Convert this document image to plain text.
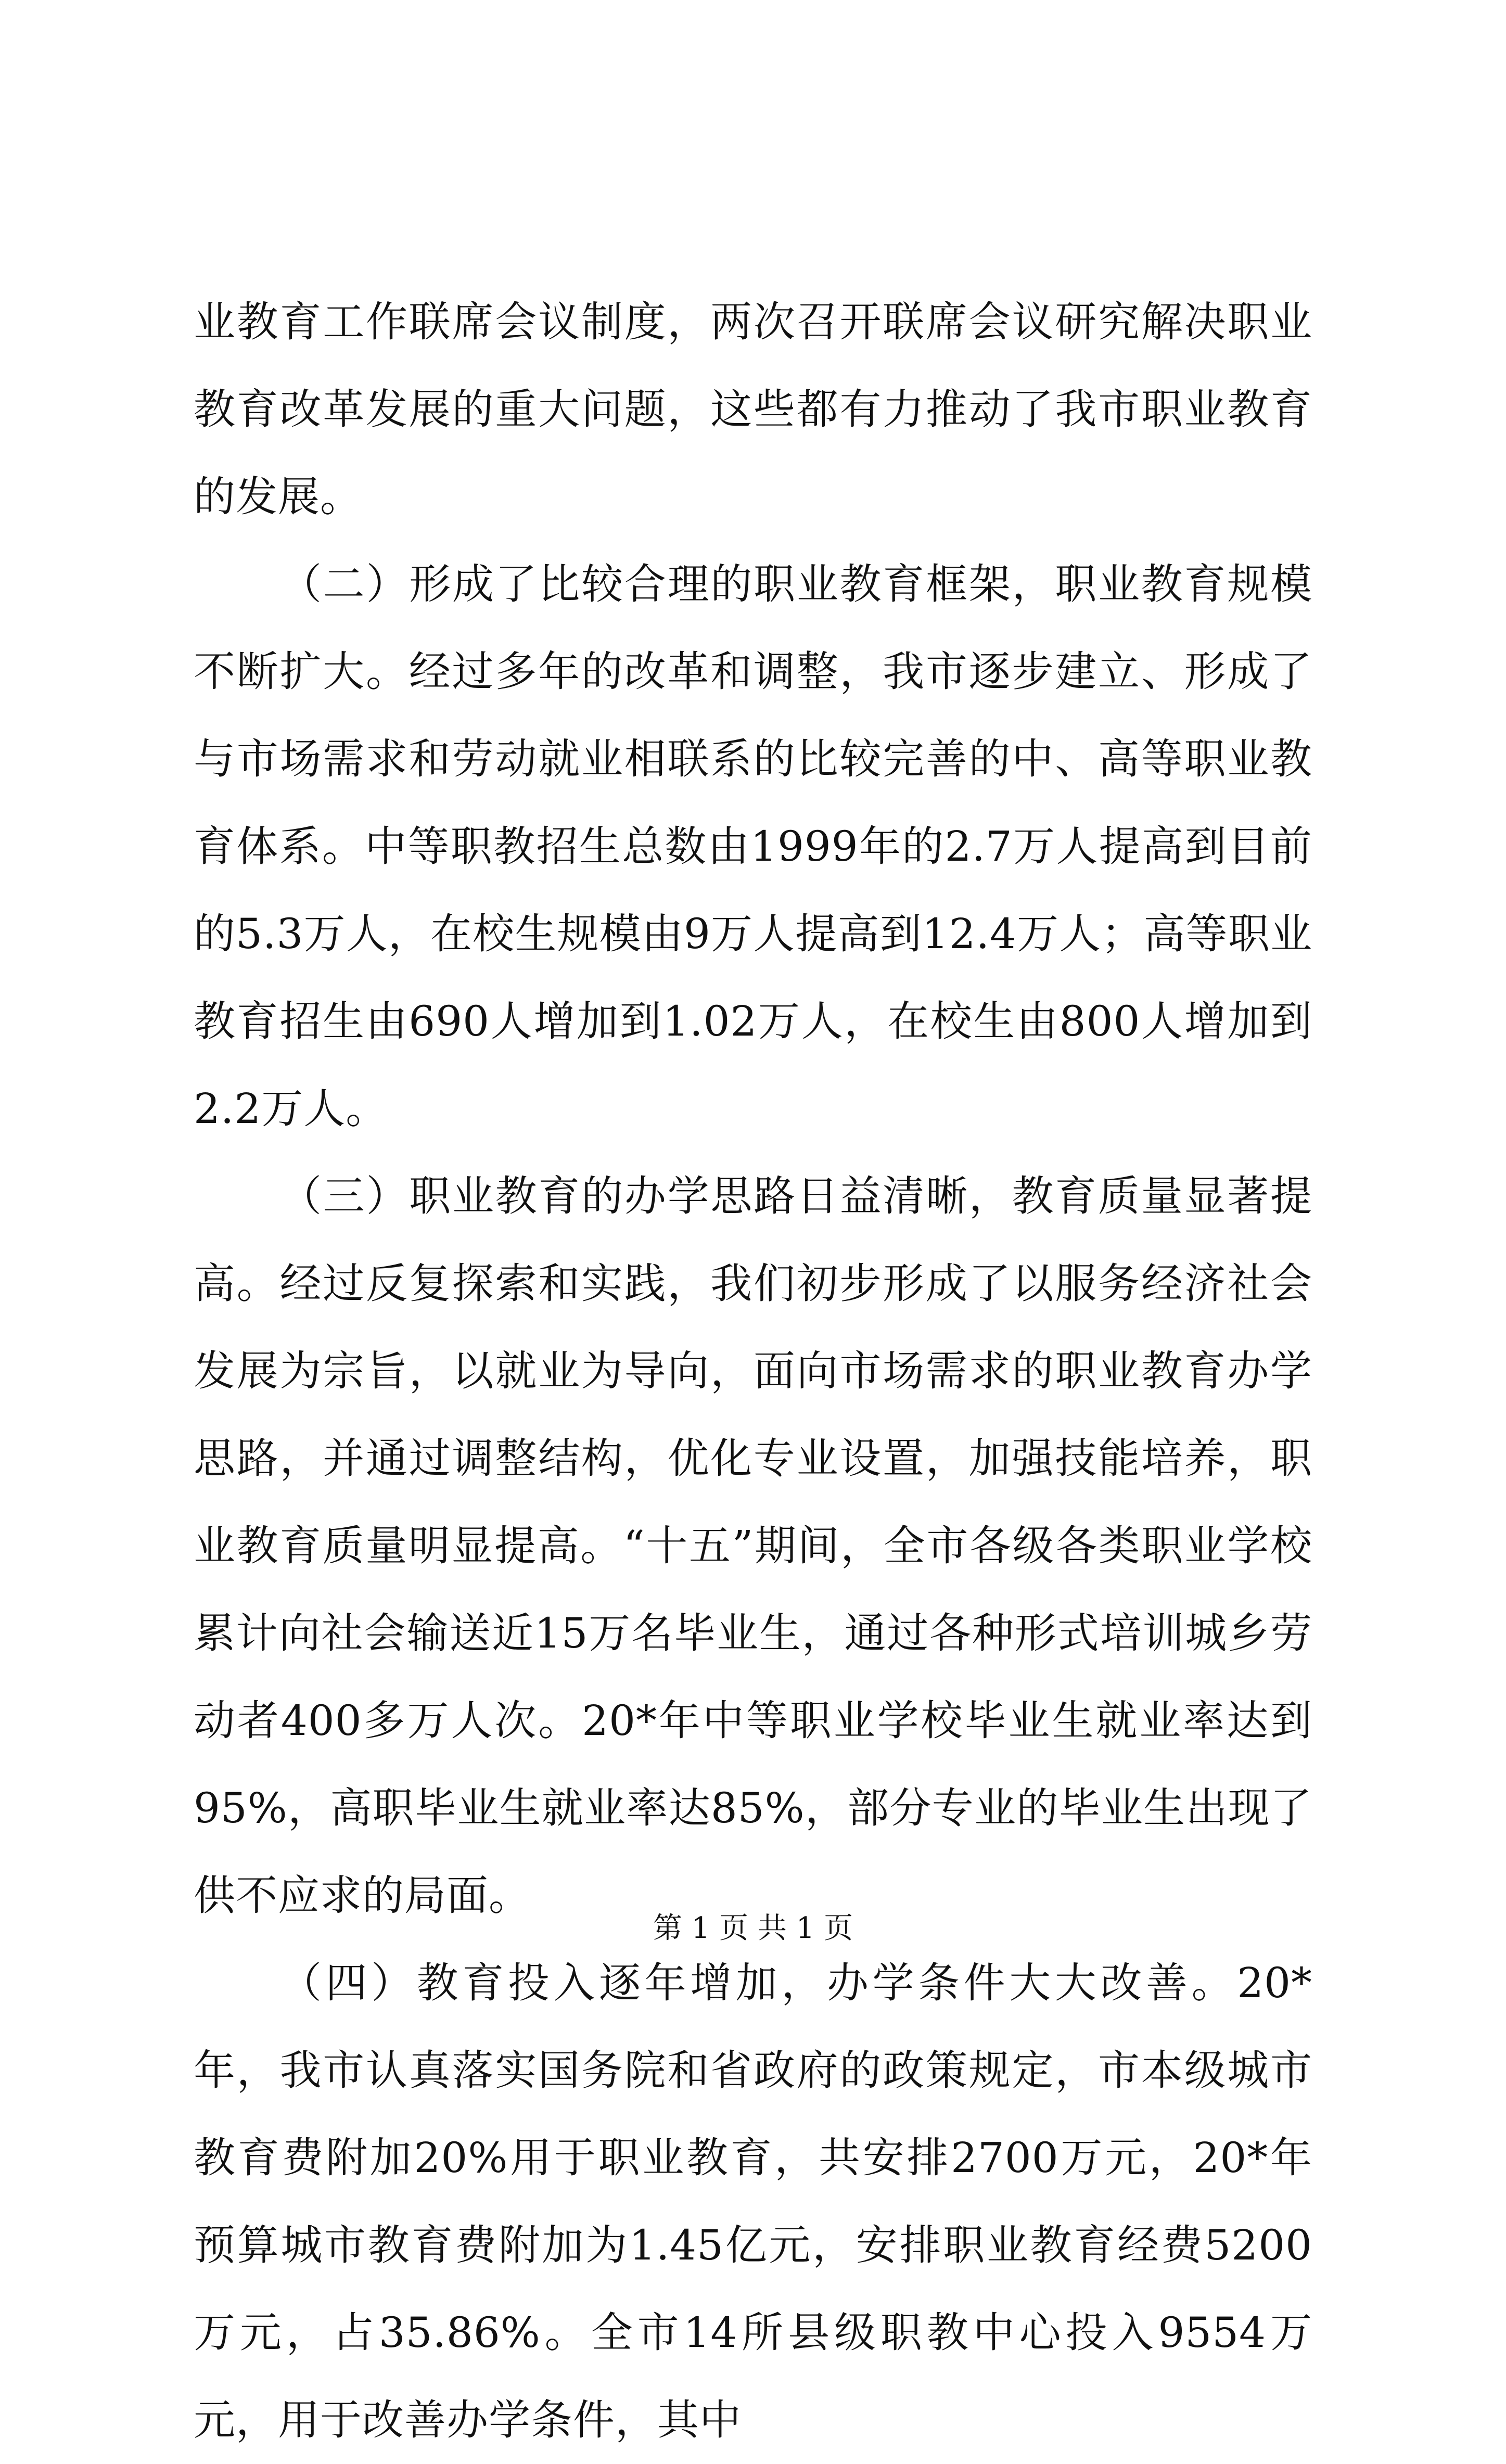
业教育工作联席会议制度，两次召开联席会议研究解决职业教育改革发展的重大问题，这些都有力推动了我市职业教育的发展。

（二）形成了比较合理的职业教育框架，职业教育规模不断扩大。经过多年的改革和调整，我市逐步建立、形成了与市场需求和劳动就业相联系的比较完善的中、高等职业教育体系。中等职教招生总数由1999年的2.7万人提高到目前的5.3万人，在校生规模由9万人提高到12.4万人；高等职业教育招生由690人增加到1.02万人，在校生由800人增加到2.2万人。

（三）职业教育的办学思路日益清晰，教育质量显著提高。经过反复探索和实践，我们初步形成了以服务经济社会发展为宗旨，以就业为导向，面向市场需求的职业教育办学思路，并通过调整结构，优化专业设置，加强技能培养，职业教育质量明显提高。“十五”期间，全市各级各类职业学校累计向社会输送近15万名毕业生，通过各种形式培训城乡劳动者400多万人次。20*年中等职业学校毕业生就业率达到95%，高职毕业生就业率达85%，部分专业的毕业生出现了供不应求的局面。

（四）教育投入逐年增加，办学条件大大改善。20*年，我市认真落实国务院和省政府的政策规定，市本级城市教育费附加20%用于职业教育，共安排2700万元，20*年预算城市教育费附加为1.45亿元，安排职业教育经费5200万元，占35.86%。全市14所县级职教中心投入9554万元，用于改善办学条件，其中

第 1 页 共 1 页
